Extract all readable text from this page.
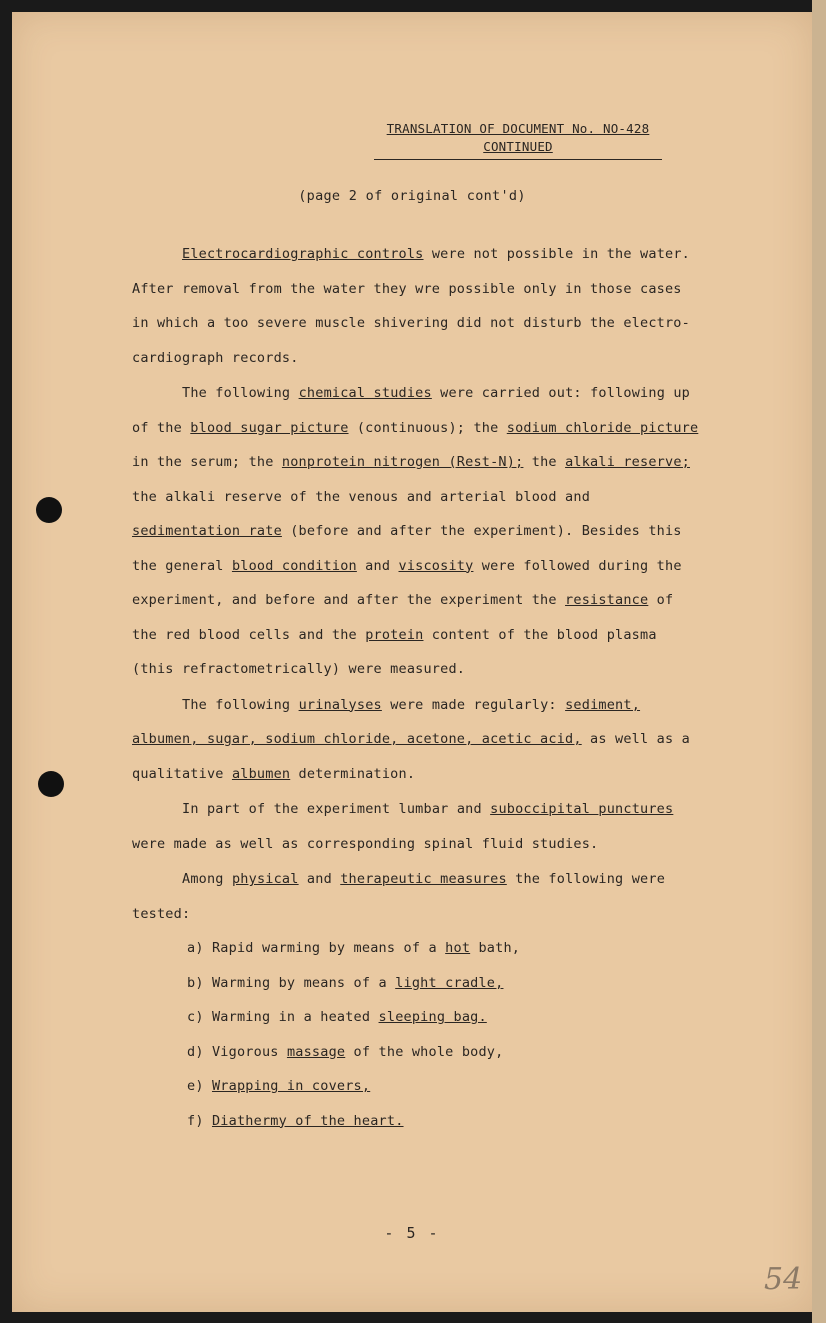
TRANSLATION OF DOCUMENT No. NO-428
CONTINUED
(page 2 of original cont'd)

Electrocardiographic controls were not possible in the water. After removal from the water they wre possible only in those cases in which a too severe muscle shivering did not disturb the electro- cardiograph records.

The following chemical studies were carried out: following up of the blood sugar picture (continuous); the sodium chloride picture in the serum; the nonprotein nitrogen (Rest-N); the alkali reserve; the alkali reserve of the venous and arterial blood and sedimentation rate (before and after the experiment). Besides this the general blood condition and viscosity were followed during the experiment, and before and after the experiment the resistance of the red blood cells and the protein content of the blood plasma (this refractometrically) were measured.

The following urinalyses were made regularly: sediment, albumen, sugar, sodium chloride, acetone, acetic acid, as well as a qualitative albumen determination.

In part of the experiment lumbar and suboccipital punctures were made as well as corresponding spinal fluid studies.

Among physical and therapeutic measures the following were tested:

a) Rapid warming by means of a hot bath,
b) Warming by means of a light cradle,
c) Warming in a heated sleeping bag.
d) Vigorous massage of the whole body,
e) Wrapping in covers,
f) Diathermy of the heart.
- 5 -
54
